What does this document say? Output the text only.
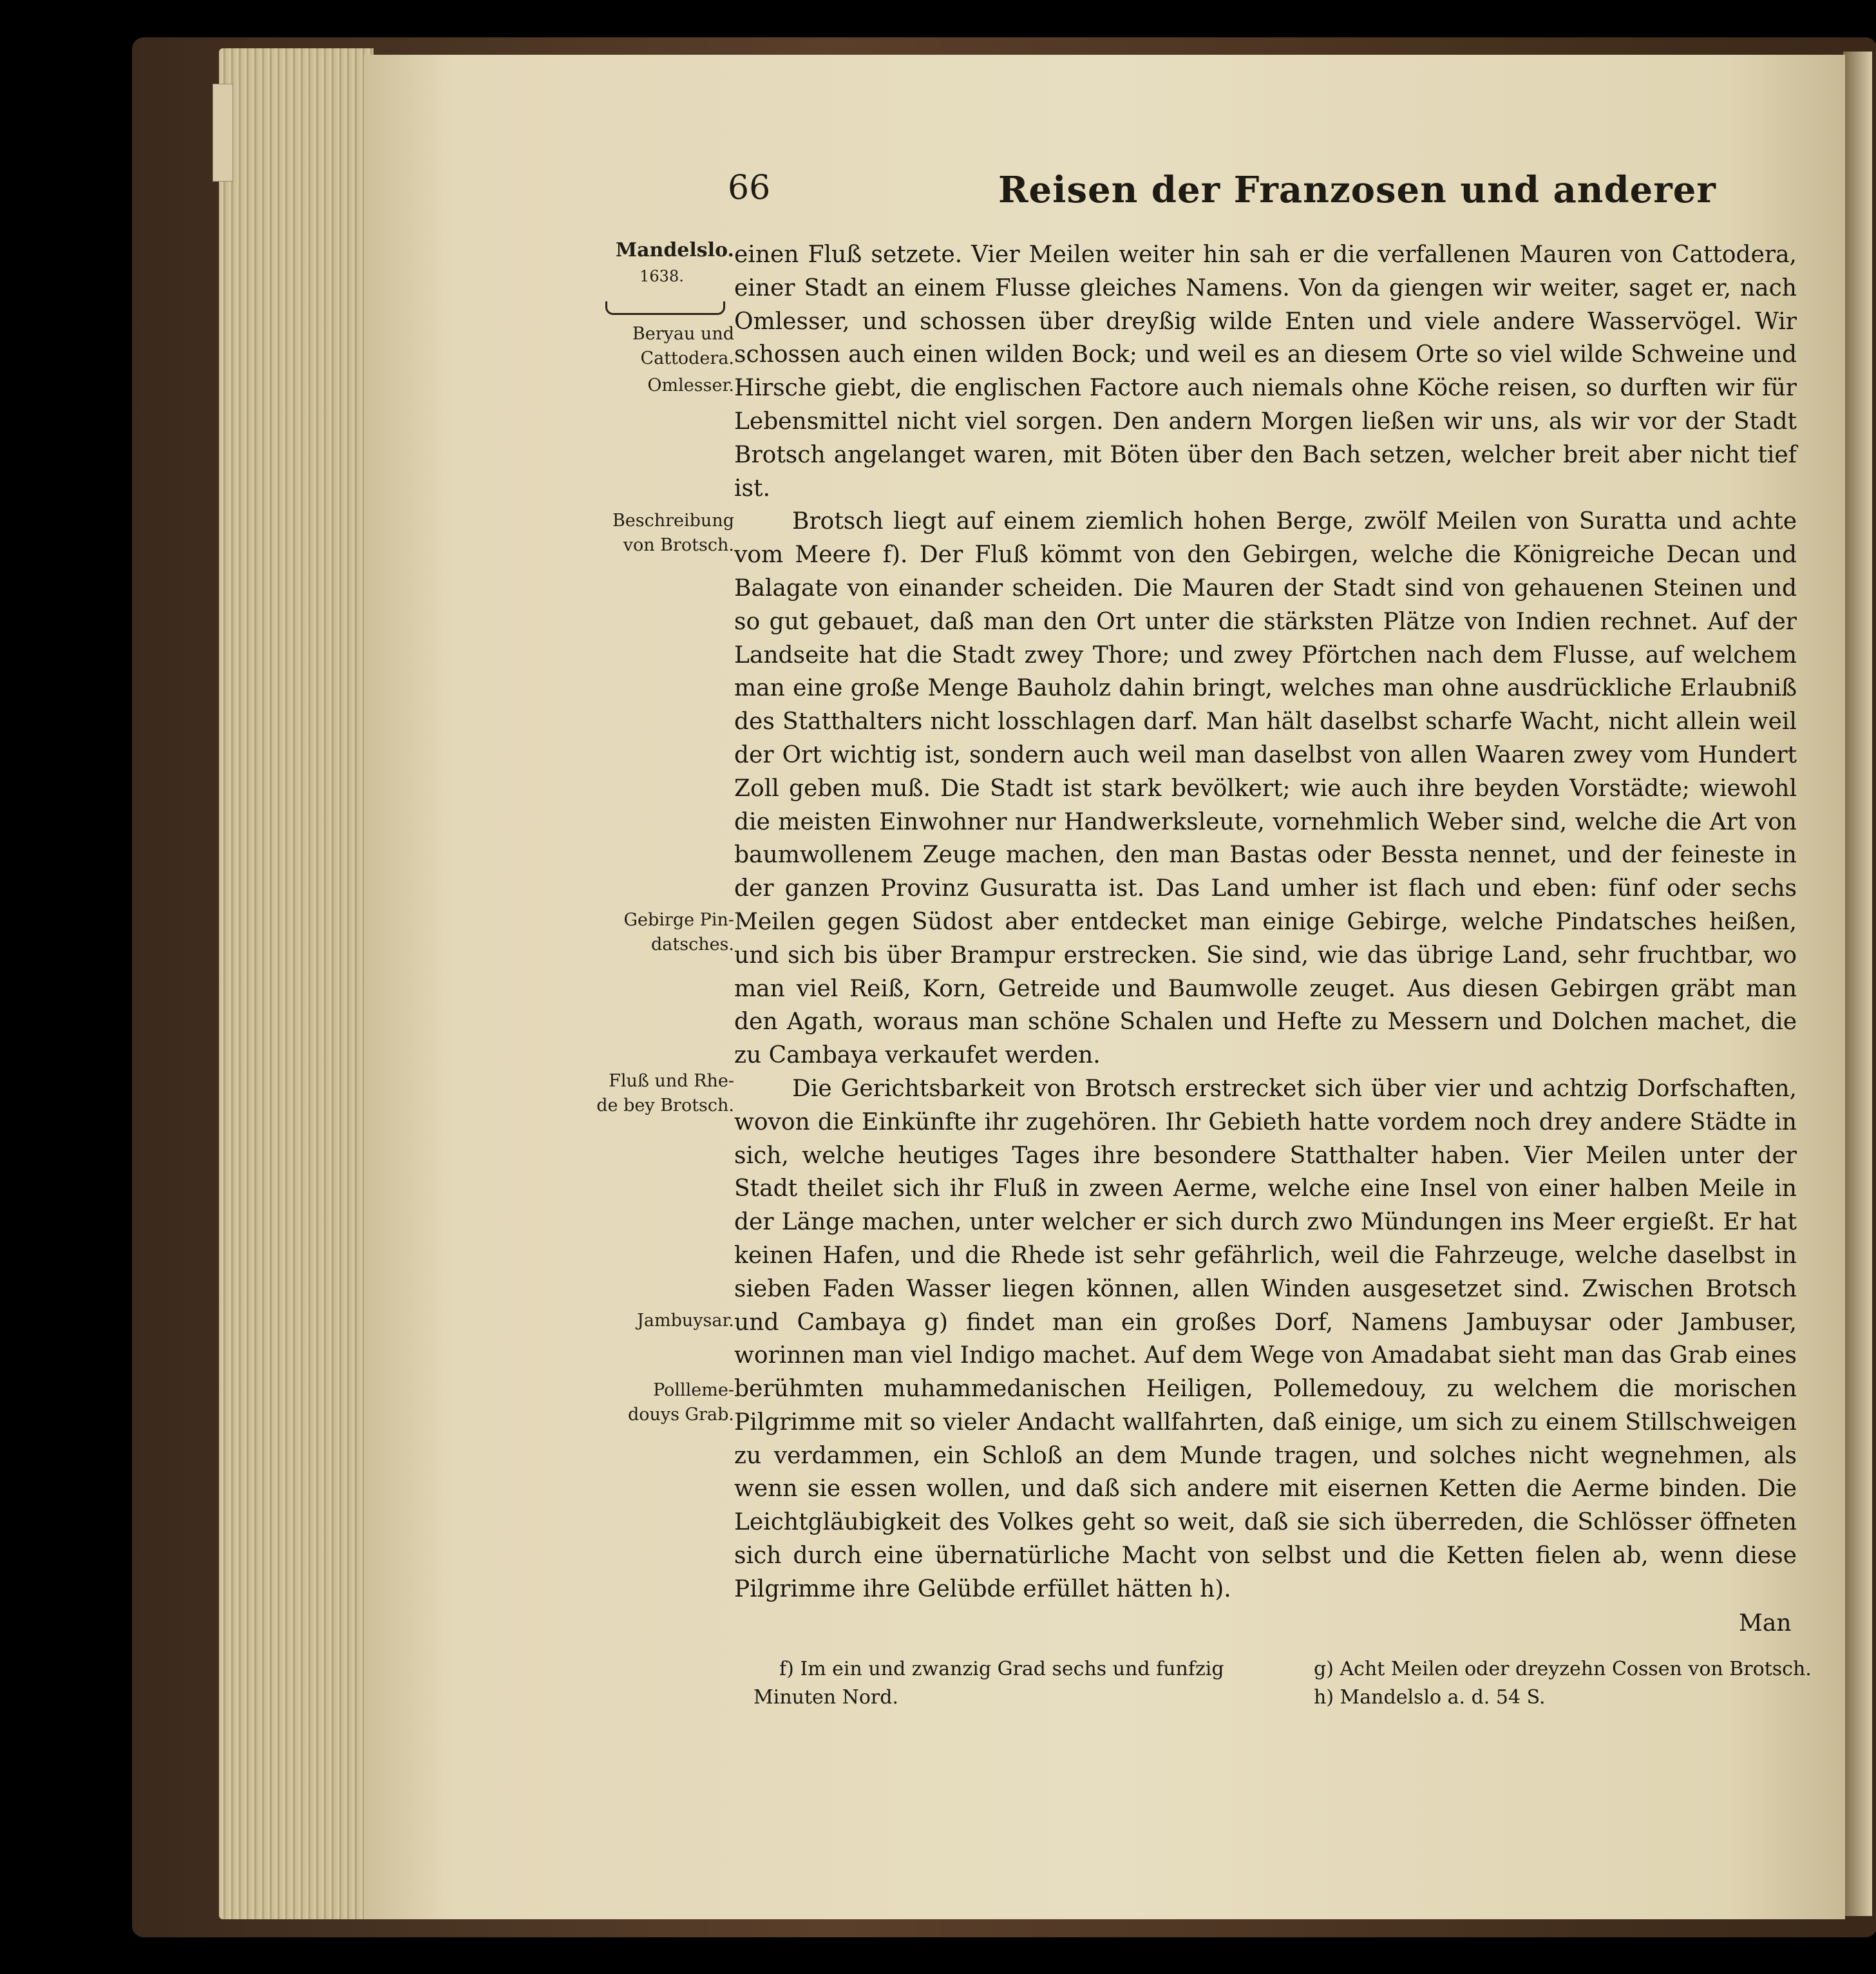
66	Reisen der Franzosen und anderer
Mandelslo.
1638.
Beryau und
Cattodera.
Omlesser.
Beschreibung
von Brotsch.
Gebirge Pin-
datsches.
Fluß und Rhe-
de bey Brotsch.
Jambuysar.
Pollleme-
douys Grab.

einen Fluß setzete. Vier Meilen weiter hin sah er die verfallenen Mauren von Cattodera, einer Stadt an einem Flusse gleiches Namens. Von da giengen wir weiter, saget er, nach Omlesser, und schossen über dreyßig wilde Enten und viele andere Wasservögel. Wir schossen auch einen wilden Bock; und weil es an diesem Orte so viel wilde Schweine und Hirsche giebt, die englischen Factore auch niemals ohne Köche reisen, so durften wir für Lebensmittel nicht viel sorgen. Den andern Morgen ließen wir uns, als wir vor der Stadt Brotsch angelanget waren, mit Böten über den Bach setzen, welcher breit aber nicht tief ist.

Brotsch liegt auf einem ziemlich hohen Berge, zwölf Meilen von Suratta und achte vom Meere f). Der Fluß kömmt von den Gebirgen, welche die Königreiche Decan und Balagate von einander scheiden. Die Mauren der Stadt sind von gehauenen Steinen und so gut gebauet, daß man den Ort unter die stärksten Plätze von Indien rechnet. Auf der Landseite hat die Stadt zwey Thore; und zwey Pförtchen nach dem Flusse, auf welchem man eine große Menge Bauholz dahin bringt, welches man ohne ausdrückliche Erlaubniß des Statthalters nicht losschlagen darf. Man hält daselbst scharfe Wacht, nicht allein weil der Ort wichtig ist, sondern auch weil man daselbst von allen Waaren zwey vom Hundert Zoll geben muß. Die Stadt ist stark bevölkert; wie auch ihre beyden Vorstädte; wiewohl die meisten Einwohner nur Handwerksleute, vornehmlich Weber sind, welche die Art von baumwollenem Zeuge machen, den man Bastas oder Bessta nennet, und der feineste in der ganzen Provinz Gusuratta ist. Das Land umher ist flach und eben: fünf oder sechs Meilen gegen Südost aber entdecket man einige Gebirge, welche Pindatsches heißen, und sich bis über Brampur erstrecken. Sie sind, wie das übrige Land, sehr fruchtbar, wo man viel Reiß, Korn, Getreide und Baumwolle zeuget. Aus diesen Gebirgen gräbt man den Agath, woraus man schöne Schalen und Hefte zu Messern und Dolchen machet, die zu Cambaya verkaufet werden.

Die Gerichtsbarkeit von Brotsch erstrecket sich über vier und achtzig Dorfschaften, wovon die Einkünfte ihr zugehören. Ihr Gebieth hatte vordem noch drey andere Städte in sich, welche heutiges Tages ihre besondere Statthalter haben. Vier Meilen unter der Stadt theilet sich ihr Fluß in zween Aerme, welche eine Insel von einer halben Meile in der Länge machen, unter welcher er sich durch zwo Mündungen ins Meer ergießt. Er hat keinen Hafen, und die Rhede ist sehr gefährlich, weil die Fahrzeuge, welche daselbst in sieben Faden Wasser liegen können, allen Winden ausgesetzet sind. Zwischen Brotsch und Cambaya g) findet man ein großes Dorf, Namens Jambuysar oder Jambuser, worinnen man viel Indigo machet. Auf dem Wege von Amadabat sieht man das Grab eines berühmten muhammedanischen Heiligen, Pollemedouy, zu welchem die morischen Pilgrimme mit so vieler Andacht wallfahrten, daß einige, um sich zu einem Stillschweigen zu verdammen, ein Schloß an dem Munde tragen, und solches nicht wegnehmen, als wenn sie essen wollen, und daß sich andere mit eisernen Ketten die Aerme binden. Die Leichtgläubigkeit des Volkes geht so weit, daß sie sich überreden, die Schlösser öffneten sich durch eine übernatürliche Macht von selbst und die Ketten fielen ab, wenn diese Pilgrimme ihre Gelübde erfüllet hätten h).

Man
f) Im ein und zwanzig Grad sechs und funfzig
Minuten Nord.
g) Acht Meilen oder dreyzehn Cossen von Brotsch.
h) Mandelslo a. d. 54 S.
